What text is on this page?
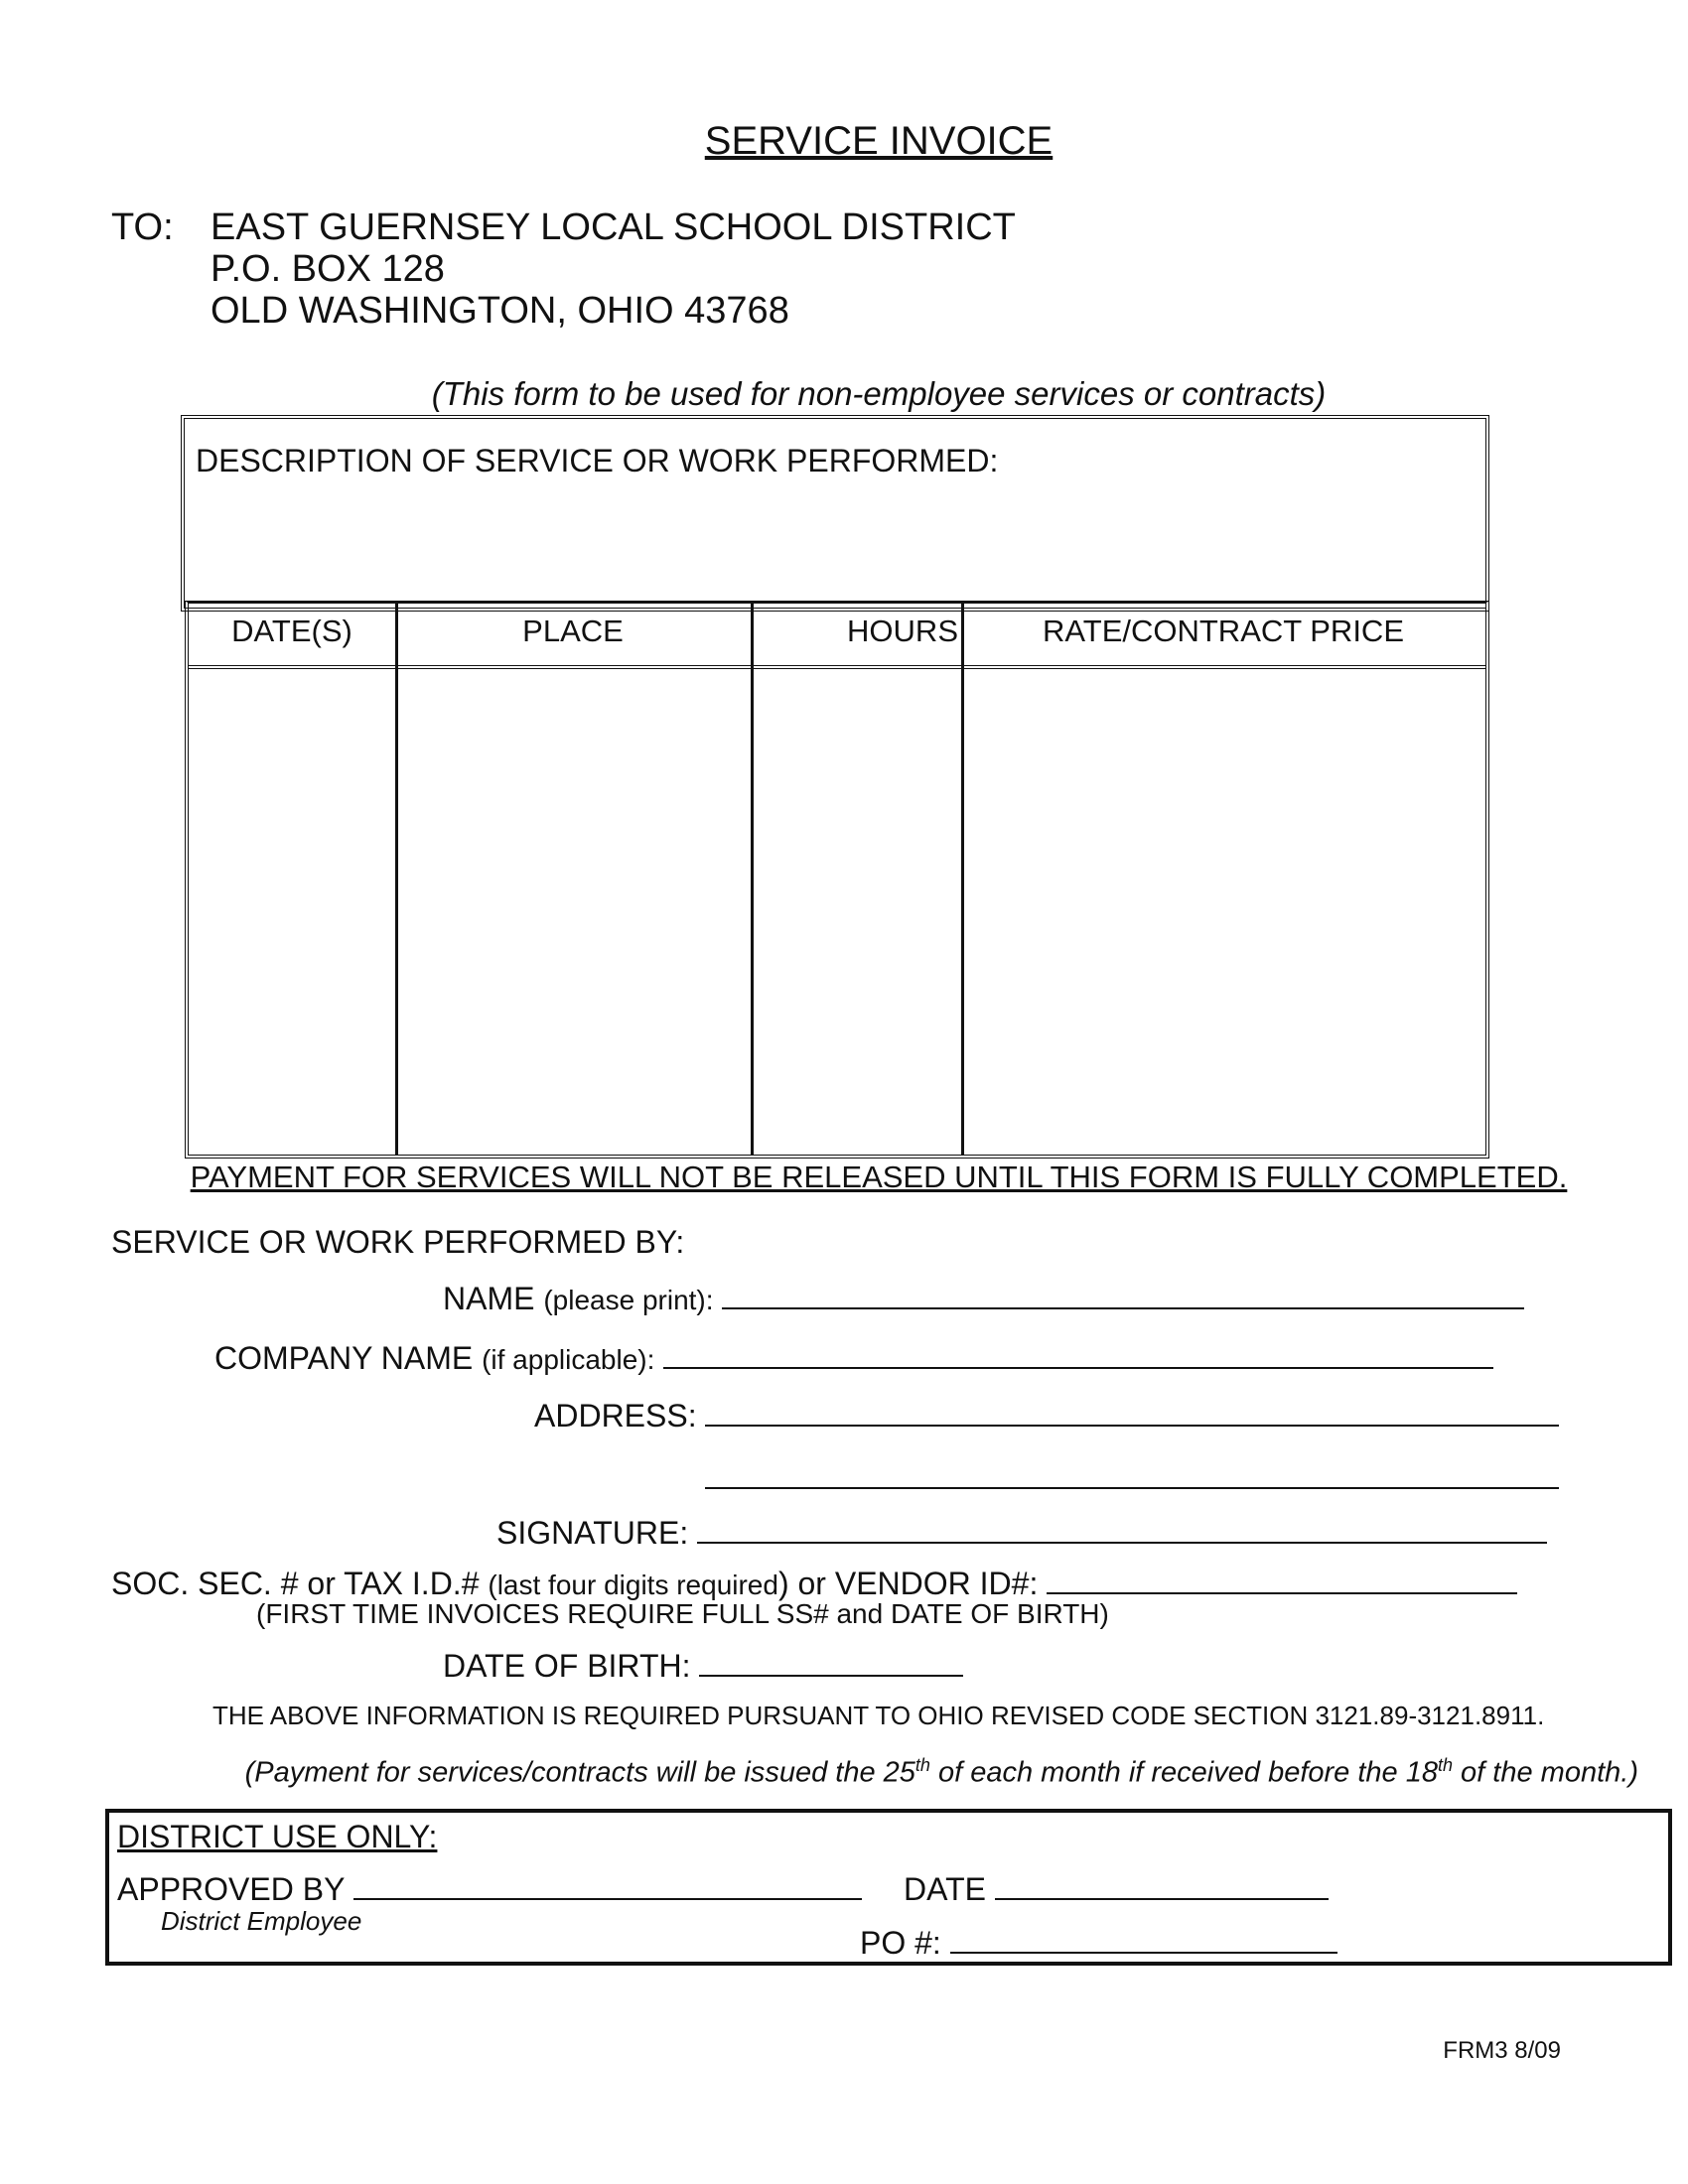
SERVICE INVOICE
TO: EAST GUERNSEY LOCAL SCHOOL DISTRICT
P.O. BOX 128
OLD WASHINGTON, OHIO 43768
(This form to be used for non-employee services or contracts)
DESCRIPTION OF SERVICE OR WORK PERFORMED:
DATE(S)	PLACE	HOURS	RATE/CONTRACT PRICE
PAYMENT FOR SERVICES WILL NOT BE RELEASED UNTIL THIS FORM IS FULLY COMPLETED.
SERVICE OR WORK PERFORMED BY:
NAME (please print):
COMPANY NAME (if applicable):
ADDRESS:
SIGNATURE:
SOC. SEC. # or TAX I.D.# (last four digits required) or VENDOR ID#:
(FIRST TIME INVOICES REQUIRE FULL SS# and DATE OF BIRTH)
DATE OF BIRTH:
THE ABOVE INFORMATION IS REQUIRED PURSUANT TO OHIO REVISED CODE SECTION 3121.89-3121.8911.
(Payment for services/contracts will be issued the 25th of each month if received before the 18th of the month.)
DISTRICT USE ONLY:
APPROVED BY
District Employee
DATE
PO #:
FRM3 8/09
